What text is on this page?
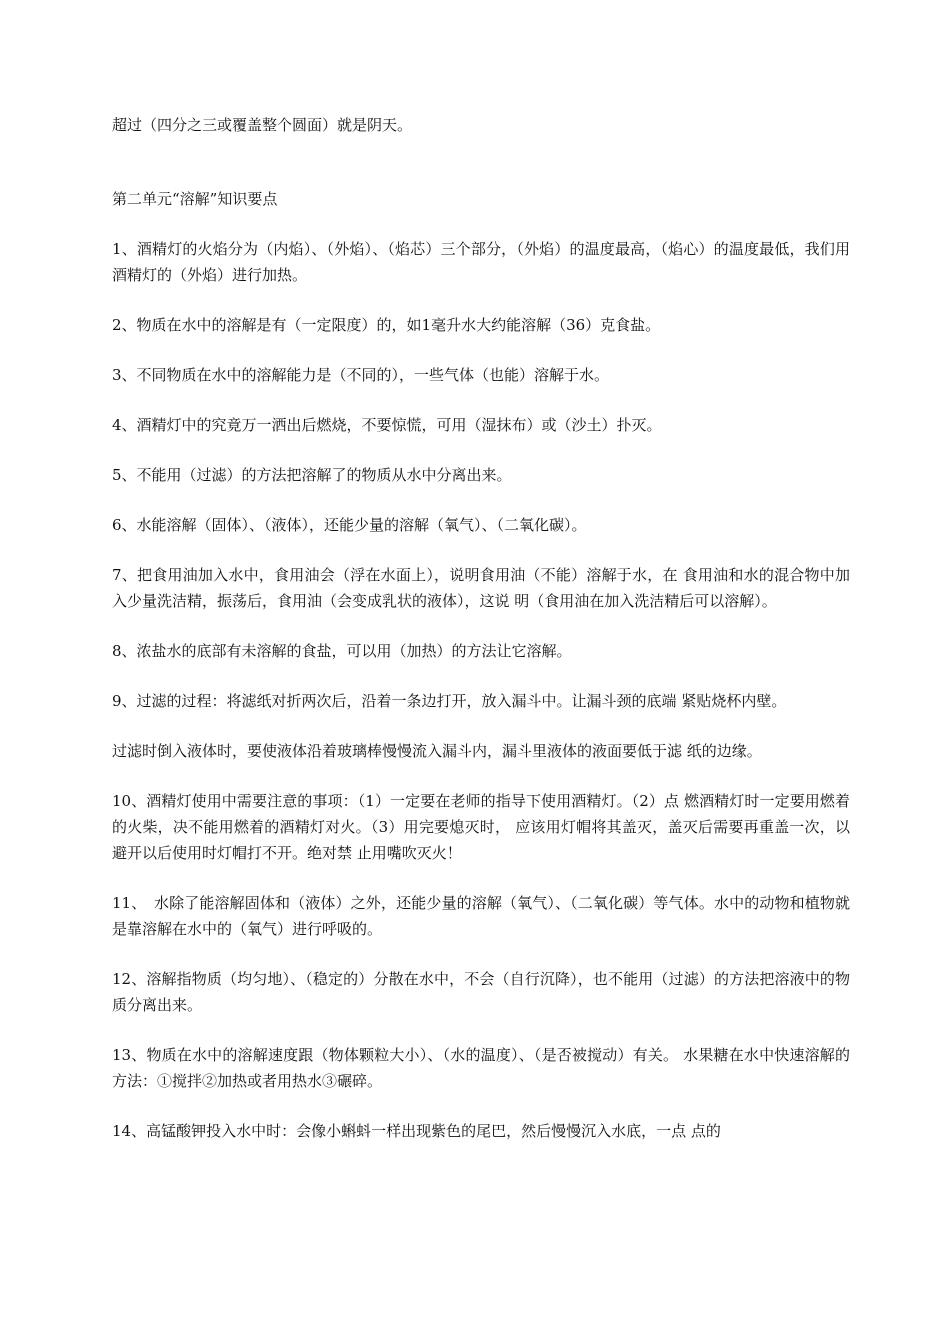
超过（四分之三或覆盖整个圆面）就是阴天。

第二单元“溶解”知识要点

1、酒精灯的火焰分为（内焰）、（外焰）、（焰芯）三个部分，（外焰）的温度最高，（焰心）的温度最低，我们用酒精灯的（外焰）进行加热。

2、物质在水中的溶解是有（一定限度）的，如1毫升水大约能溶解（36）克食盐。

3、不同物质在水中的溶解能力是（不同的），一些气体（也能）溶解于水。

4、酒精灯中的究竟万一洒出后燃烧，不要惊慌，可用（湿抹布）或（沙土）扑灭。

5、不能用（过滤）的方法把溶解了的物质从水中分离出来。

6、水能溶解（固体）、（液体），还能少量的溶解（氧气）、（二氧化碳）。

7、把食用油加入水中，食用油会（浮在水面上），说明食用油（不能）溶解于水，在 食用油和水的混合物中加入少量洗洁精，振荡后，食用油（会变成乳状的液体），这说 明（食用油在加入洗洁精后可以溶解）。

8、浓盐水的底部有未溶解的食盐，可以用（加热）的方法让它溶解。

9、过滤的过程：将滤纸对折两次后，沿着一条边打开，放入漏斗中。让漏斗颈的底端 紧贴烧杯内壁。

过滤时倒入液体时，要使液体沿着玻璃棒慢慢流入漏斗内，漏斗里液体的液面要低于滤 纸的边缘。

10、酒精灯使用中需要注意的事项：（1）一定要在老师的指导下使用酒精灯。（2）点 燃酒精灯时一定要用燃着的火柴，决不能用燃着的酒精灯对火。（3）用完要熄灭时， 应该用灯帽将其盖灭，盖灭后需要再重盖一次，以避开以后使用时灯帽打不开。绝对禁 止用嘴吹灭火！

11、　水除了能溶解固体和（液体）之外，还能少量的溶解（氧气）、（二氧化碳）等气体。水中的动物和植物就是靠溶解在水中的（氧气）进行呼吸的。

12、溶解指物质（均匀地）、（稳定的）分散在水中，不会（自行沉降），也不能用（过滤）的方法把溶液中的物质分离出来。

13、物质在水中的溶解速度跟（物体颗粒大小）、（水的温度）、（是否被搅动）有关。 水果糖在水中快速溶解的方法：①搅拌②加热或者用热水③碾碎。

14、高锰酸钾投入水中时：会像小蝌蚪一样出现紫色的尾巴，然后慢慢沉入水底，一点 点的
